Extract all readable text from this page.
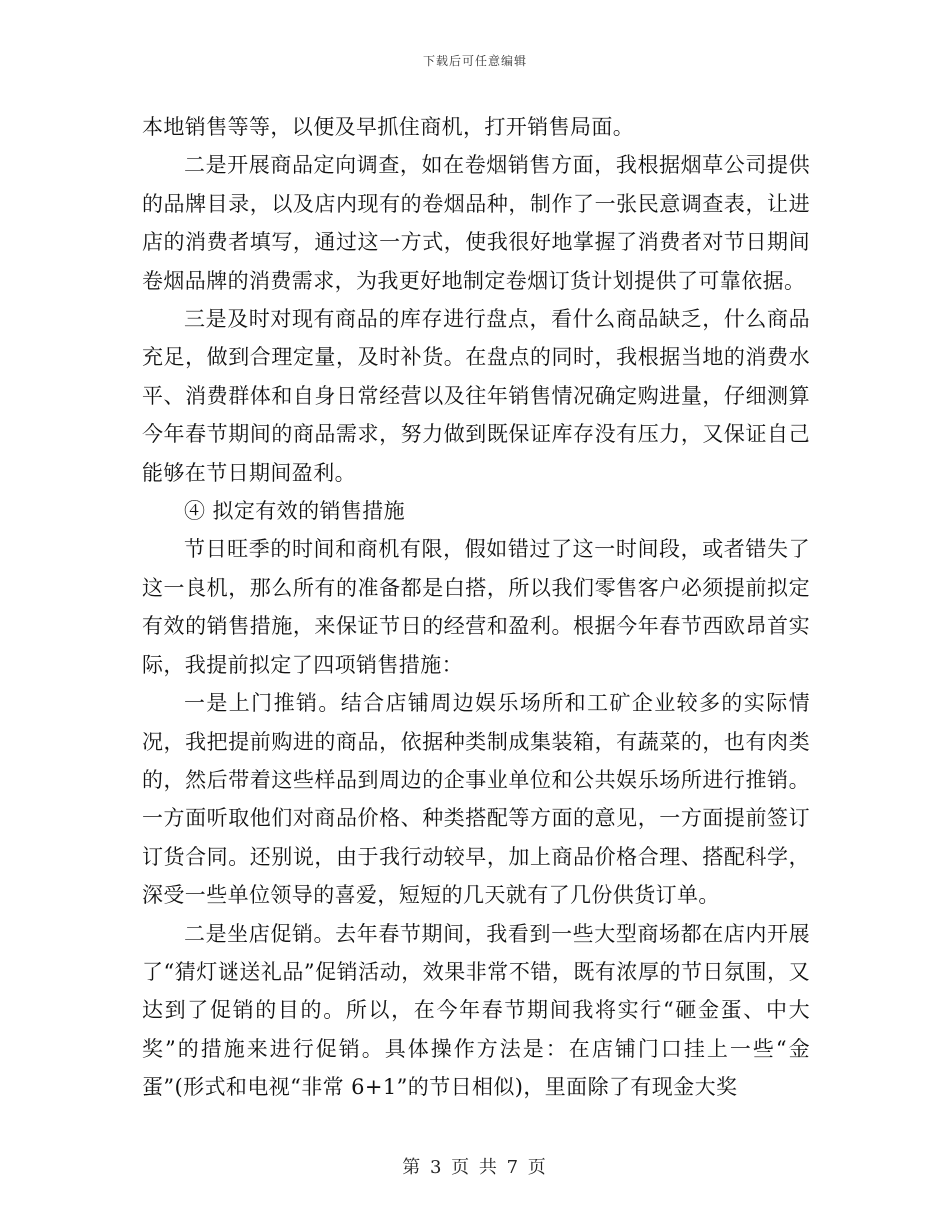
下载后可任意编辑

本地销售等等，以便及早抓住商机，打开销售局面。

二是开展商品定向调查，如在卷烟销售方面，我根据烟草公司提供的品牌目录，以及店内现有的卷烟品种，制作了一张民意调查表，让进店的消费者填写，通过这一方式，使我很好地掌握了消费者对节日期间卷烟品牌的消费需求，为我更好地制定卷烟订货计划提供了可靠依据。

三是及时对现有商品的库存进行盘点，看什么商品缺乏，什么商品充足，做到合理定量，及时补货。在盘点的同时，我根据当地的消费水平、消费群体和自身日常经营以及往年销售情况确定购进量，仔细测算今年春节期间的商品需求，努力做到既保证库存没有压力，又保证自己能够在节日期间盈利。

④ 拟定有效的销售措施

节日旺季的时间和商机有限，假如错过了这一时间段，或者错失了这一良机，那么所有的准备都是白搭，所以我们零售客户必须提前拟定有效的销售措施，来保证节日的经营和盈利。根据今年春节西欧昂首实际，我提前拟定了四项销售措施：

一是上门推销。结合店铺周边娱乐场所和工矿企业较多的实际情况，我把提前购进的商品，依据种类制成集装箱，有蔬菜的，也有肉类的，然后带着这些样品到周边的企事业单位和公共娱乐场所进行推销。一方面听取他们对商品价格、种类搭配等方面的意见，一方面提前签订订货合同。还别说，由于我行动较早，加上商品价格合理、搭配科学，深受一些单位领导的喜爱，短短的几天就有了几份供货订单。

二是坐店促销。去年春节期间，我看到一些大型商场都在店内开展了“猜灯谜送礼品”促销活动，效果非常不错，既有浓厚的节日氛围，又达到了促销的目的。所以，在今年春节期间我将实行“砸金蛋、中大奖”的措施来进行促销。具体操作方法是：在店铺门口挂上一些“金蛋”(形式和电视“非常 6+1”的节日相似)，里面除了有现金大奖

第 3 页 共 7 页
